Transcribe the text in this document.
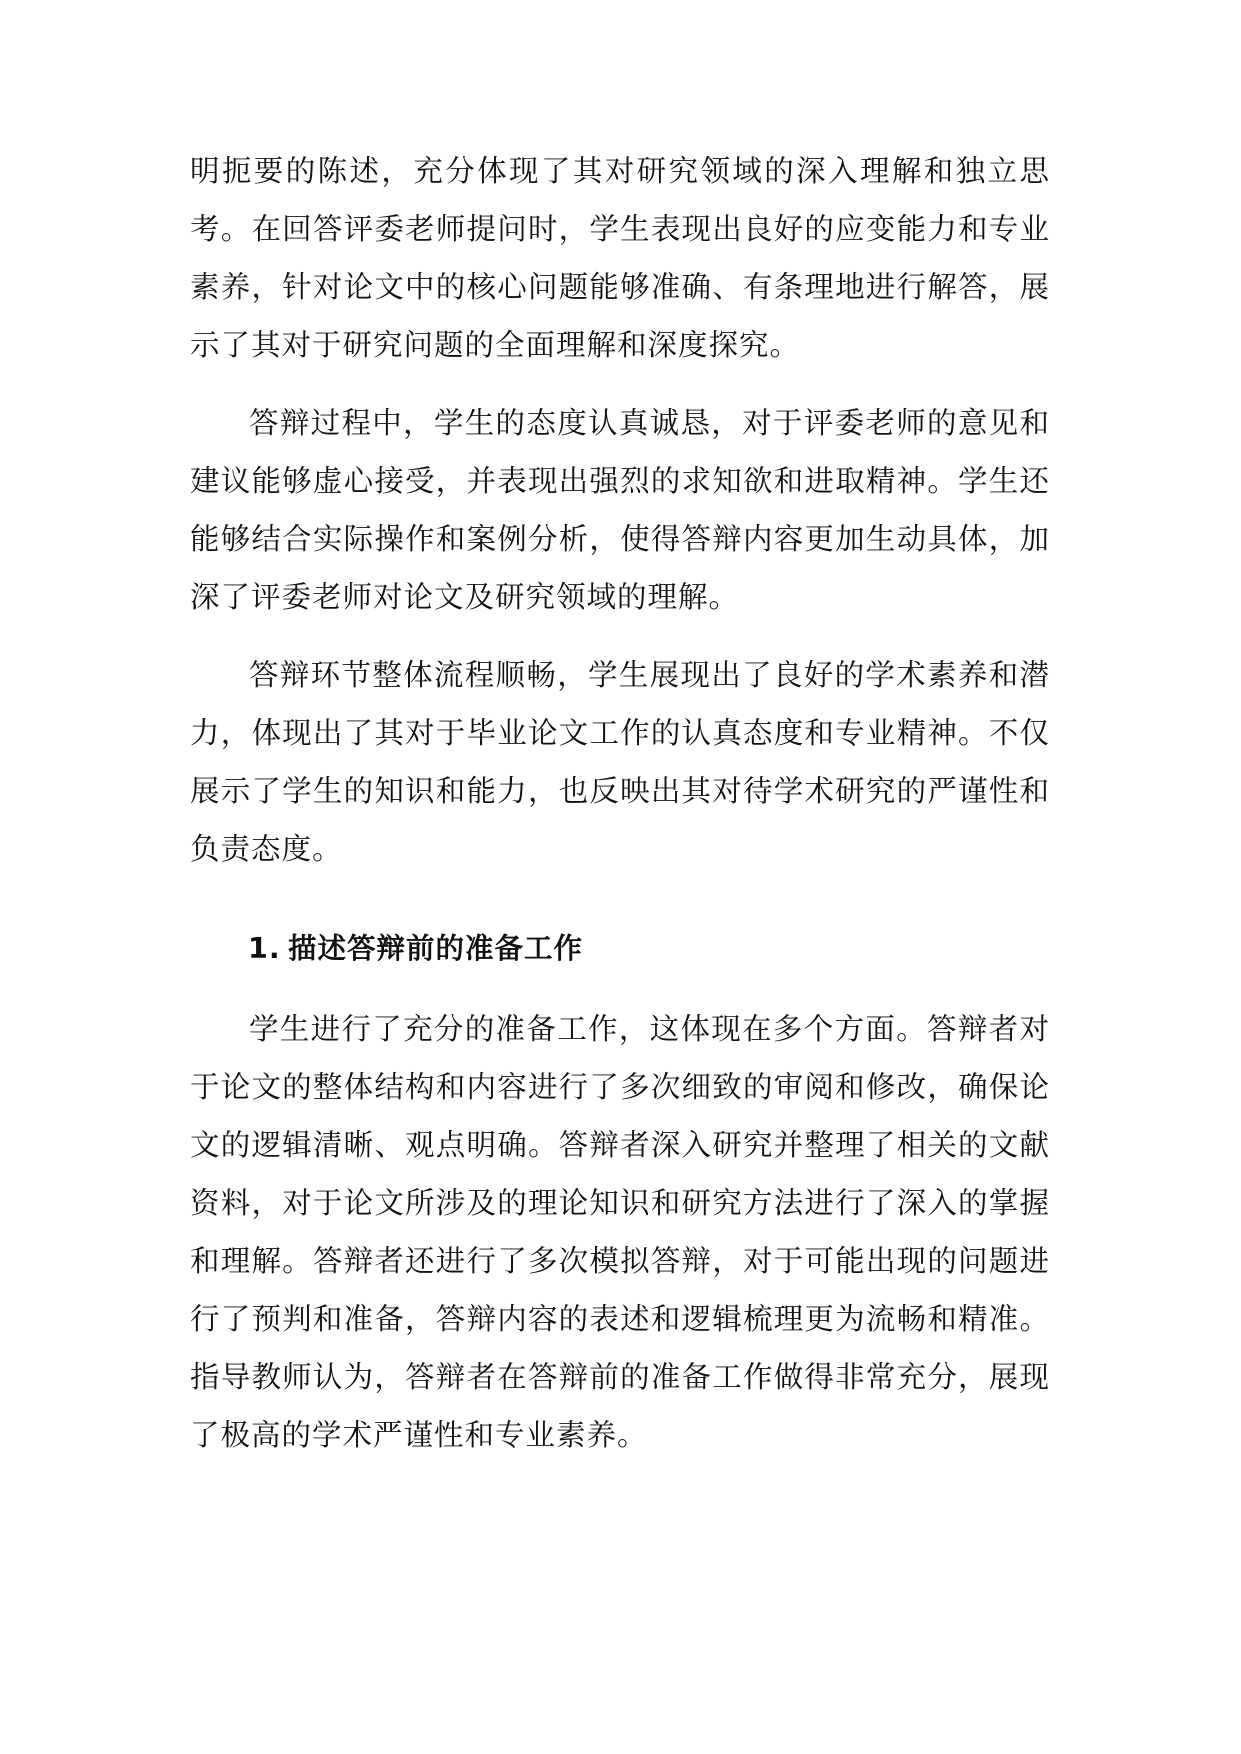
明扼要的陈述，充分体现了其对研究领域的深入理解和独立思考。在回答评委老师提问时，学生表现出良好的应变能力和专业素养，针对论文中的核心问题能够准确、有条理地进行解答，展示了其对于研究问题的全面理解和深度探究。

答辩过程中，学生的态度认真诚恳，对于评委老师的意见和建议能够虚心接受，并表现出强烈的求知欲和进取精神。学生还能够结合实际操作和案例分析，使得答辩内容更加生动具体，加深了评委老师对论文及研究领域的理解。

答辩环节整体流程顺畅，学生展现出了良好的学术素养和潜力，体现出了其对于毕业论文工作的认真态度和专业精神。不仅展示了学生的知识和能力，也反映出其对待学术研究的严谨性和负责态度。

1. 描述答辩前的准备工作

学生进行了充分的准备工作，这体现在多个方面。答辩者对于论文的整体结构和内容进行了多次细致的审阅和修改，确保论文的逻辑清晰、观点明确。答辩者深入研究并整理了相关的文献资料，对于论文所涉及的理论知识和研究方法进行了深入的掌握和理解。答辩者还进行了多次模拟答辩，对于可能出现的问题进行了预判和准备，答辩内容的表述和逻辑梳理更为流畅和精准。指导教师认为，答辩者在答辩前的准备工作做得非常充分，展现了极高的学术严谨性和专业素养。
